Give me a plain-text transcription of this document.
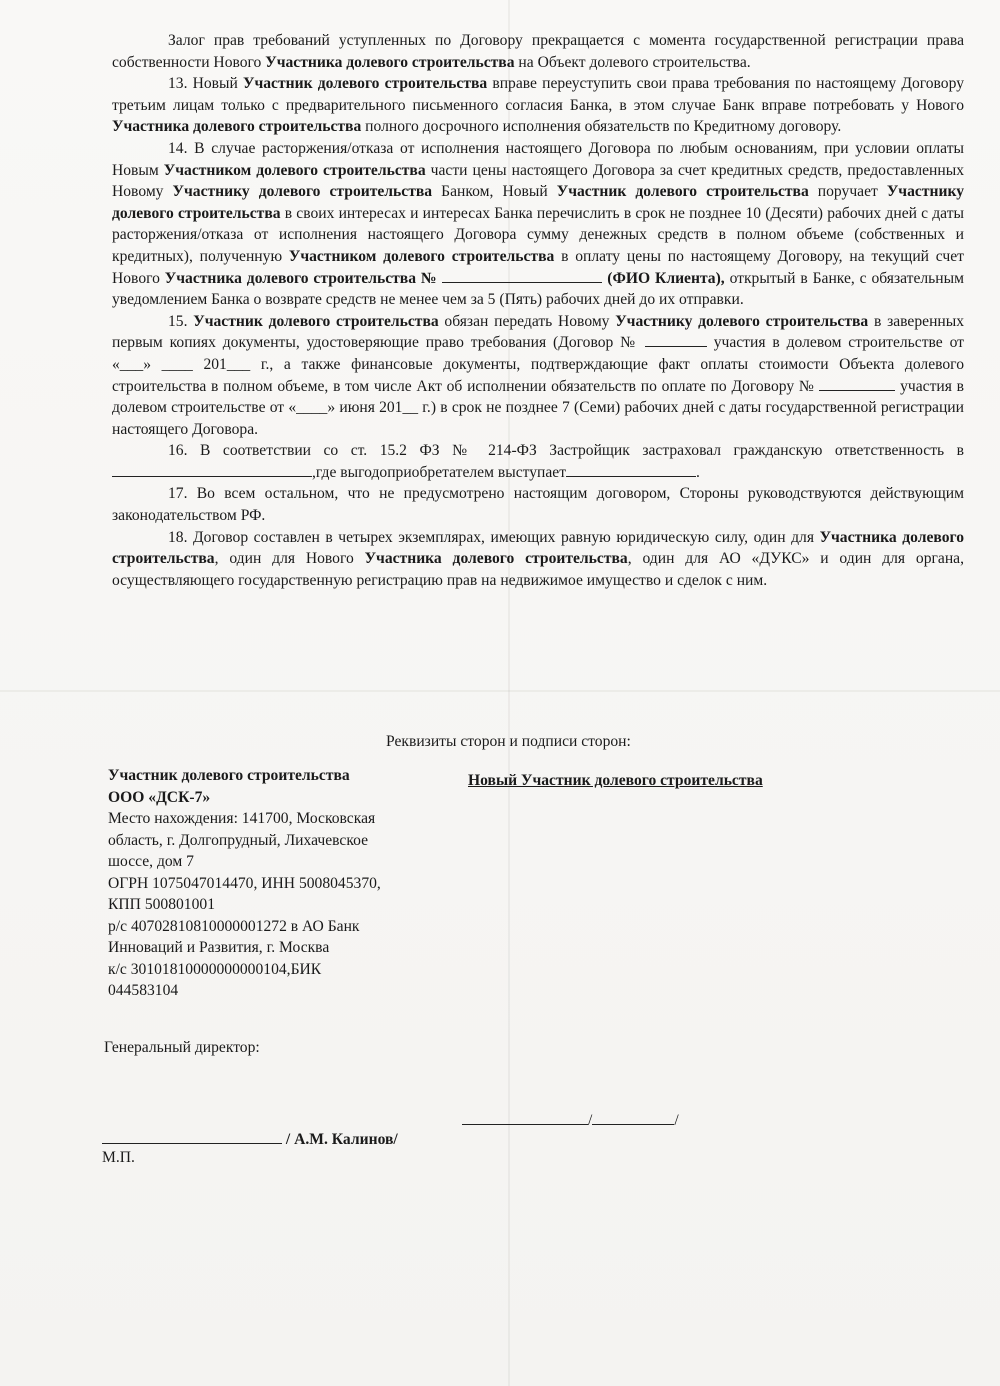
Залог прав требований уступленных по Договору прекращается с момента государственной регистрации права собственности Нового Участника долевого строительства на Объект долевого строительства.

13. Новый Участник долевого строительства вправе переуступить свои права требования по настоящему Договору третьим лицам только с предварительного письменного согласия Банка, в этом случае Банк вправе потребовать у Нового Участника долевого строительства полного досрочного исполнения обязательств по Кредитному договору.

14. В случае расторжения/отказа от исполнения настоящего Договора по любым основаниям, при условии оплаты Новым Участником долевого строительства части цены настоящего Договора за счет кредитных средств, предоставленных Новому Участнику долевого строительства Банком, Новый Участник долевого строительства поручает Участнику долевого строительства в своих интересах и интересах Банка перечислить в срок не позднее 10 (Десяти) рабочих дней с даты расторжения/отказа от исполнения настоящего Договора сумму денежных средств в полном объеме (собственных и кредитных), полученную Участником долевого строительства в оплату цены по настоящему Договору, на текущий счет Нового Участника долевого строительства №	(ФИО Клиента), открытый в Банке, с обязательным уведомлением Банка о возврате средств не менее чем за 5 (Пять) рабочих дней до их отправки.

15. Участник долевого строительства обязан передать Новому Участнику долевого строительства в заверенных первым копиях документы, удостоверяющие право требования (Договор №	участия в долевом строительстве от «___» ____ 201___ г., а также финансовые документы, подтверждающие факт оплаты стоимости Объекта долевого строительства в полном объеме, в том числе Акт об исполнении обязательств по оплате по Договору №	участия в долевом строительстве от «____» июня 201__ г.) в срок не позднее 7 (Семи) рабочих дней с даты государственной регистрации настоящего Договора.

16. В соответствии со ст. 15.2 ФЗ № 214-ФЗ Застройщик застраховал гражданскую ответственность в,где выгодоприобретателем выступает	.

17. Во всем остальном, что не предусмотрено настоящим договором, Стороны руководствуются действующим законодательством РФ.

18. Договор составлен в четырех экземплярах, имеющих равную юридическую силу, один для Участника долевого строительства, один для Нового Участника долевого строительства, один для АО «ДУКС» и один для органа, осуществляющего государственную регистрацию прав на недвижимое имущество и сделок с ним.

Реквизиты сторон и подписи сторон:
Участник долевого строительства
ООО «ДСК-7»
Место нахождения: 141700, Московская
область, г. Долгопрудный, Лихачевское
шоссе, дом 7
ОГРН 1075047014470, ИНН 5008045370,
КПП 500801001
р/с 40702810810000001272 в АО Банк
Инноваций и Развития, г. Москва
к/с 30101810000000000104,БИК
044583104
Новый Участник долевого строительства
Генеральный директор:
/	/
/ А.М. Калинов/
М.П.
